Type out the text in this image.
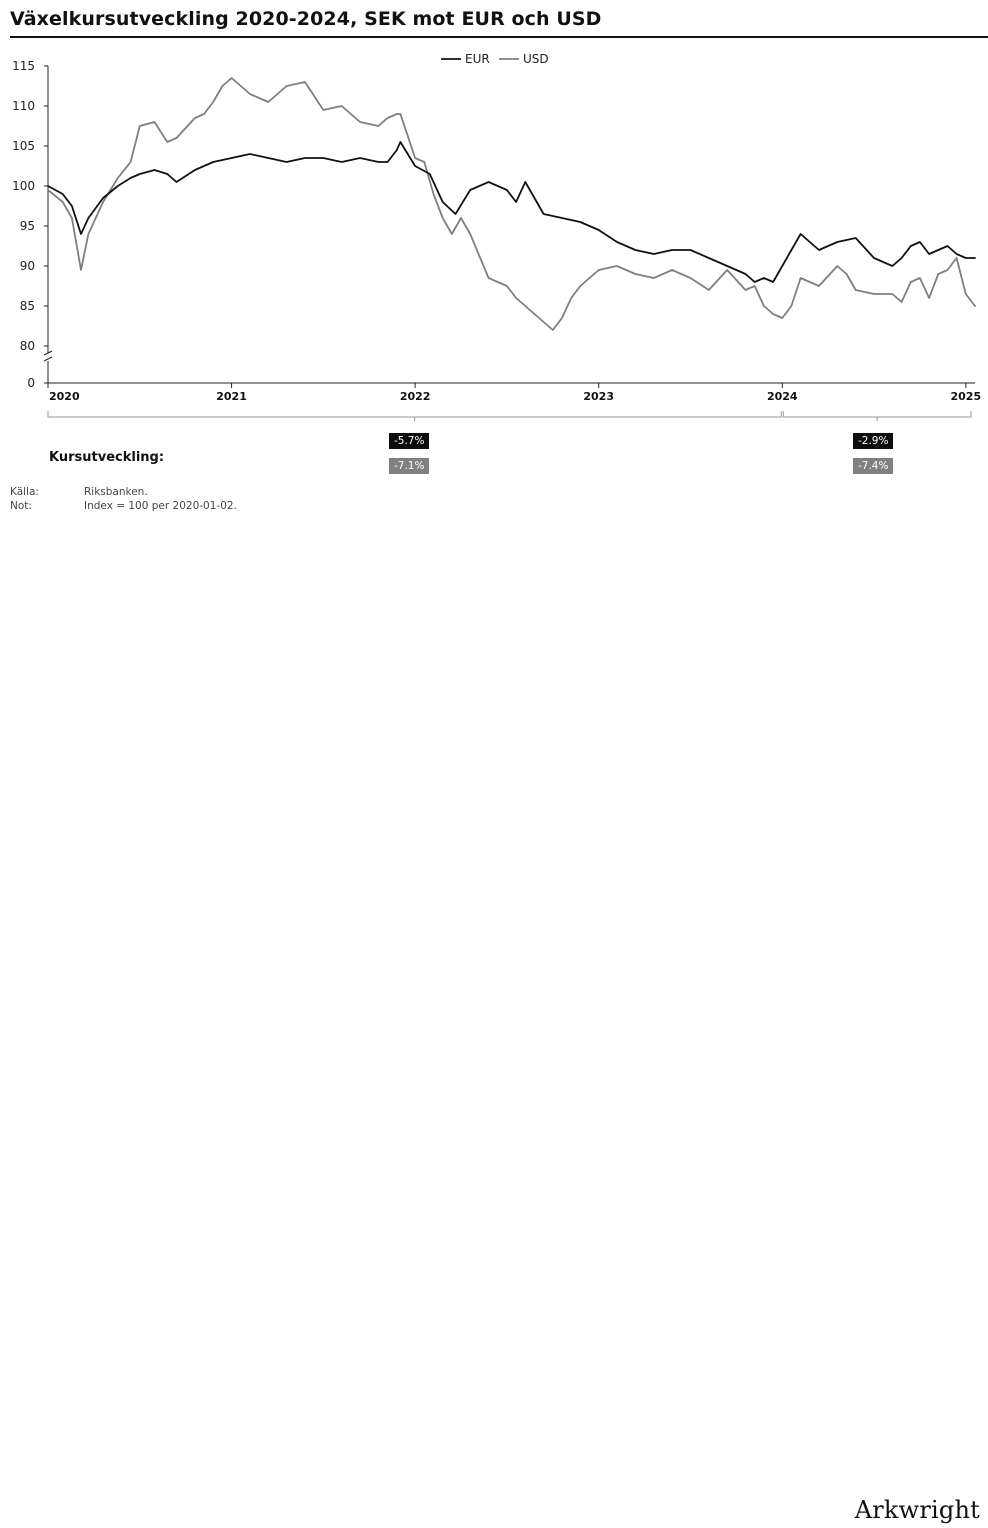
Växelkursutveckling 2020-2024, SEK mot EUR och USD
0
80
85
90
95
100
105
110
115
2020	2021	2022	2023	2024	2025
EUR	USD
Kursutveckling:
-5.7%
-7.1%
-2.9%
-7.4%
Källa:	Riksbanken.
Not:	Index = 100 per 2020-01-02.
Arkwright
